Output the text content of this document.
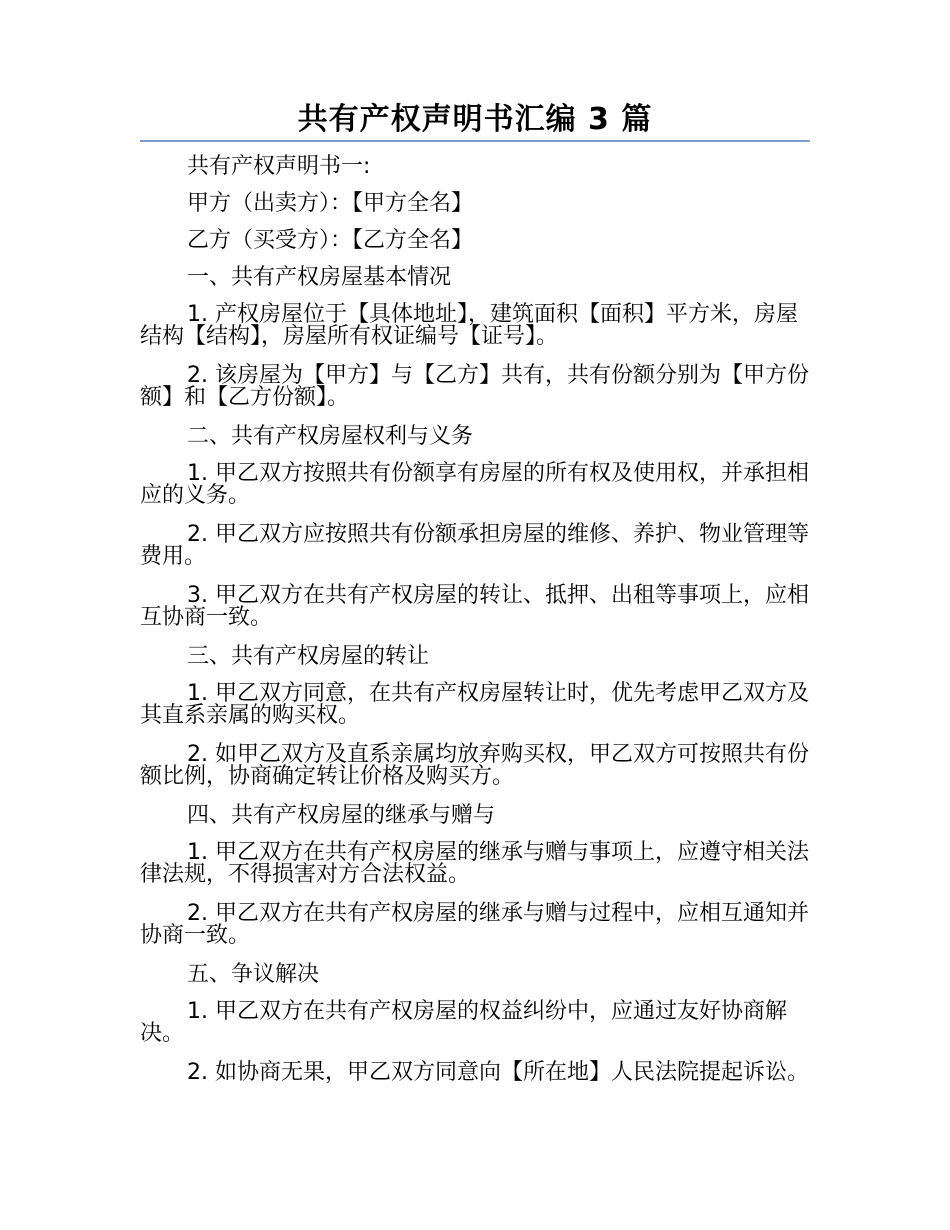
共有产权声明书汇编 3 篇

共有产权声明书一:

甲方（出卖方）：【甲方全名】

乙方（买受方）：【乙方全名】

一、共有产权房屋基本情况

1. 产权房屋位于【具体地址】，建筑面积【面积】平方米，房屋结构【结构】，房屋所有权证编号【证号】。

2. 该房屋为【甲方】与【乙方】共有，共有份额分别为【甲方份额】和【乙方份额】。

二、共有产权房屋权利与义务

1. 甲乙双方按照共有份额享有房屋的所有权及使用权，并承担相应的义务。

2. 甲乙双方应按照共有份额承担房屋的维修、养护、物业管理等费用。

3. 甲乙双方在共有产权房屋的转让、抵押、出租等事项上，应相互协商一致。

三、共有产权房屋的转让

1. 甲乙双方同意，在共有产权房屋转让时，优先考虑甲乙双方及其直系亲属的购买权。

2. 如甲乙双方及直系亲属均放弃购买权，甲乙双方可按照共有份额比例，协商确定转让价格及购买方。

四、共有产权房屋的继承与赠与

1. 甲乙双方在共有产权房屋的继承与赠与事项上，应遵守相关法律法规，不得损害对方合法权益。

2. 甲乙双方在共有产权房屋的继承与赠与过程中，应相互通知并协商一致。

五、争议解决

1. 甲乙双方在共有产权房屋的权益纠纷中，应通过友好协商解决。

2. 如协商无果，甲乙双方同意向【所在地】人民法院提起诉讼。
